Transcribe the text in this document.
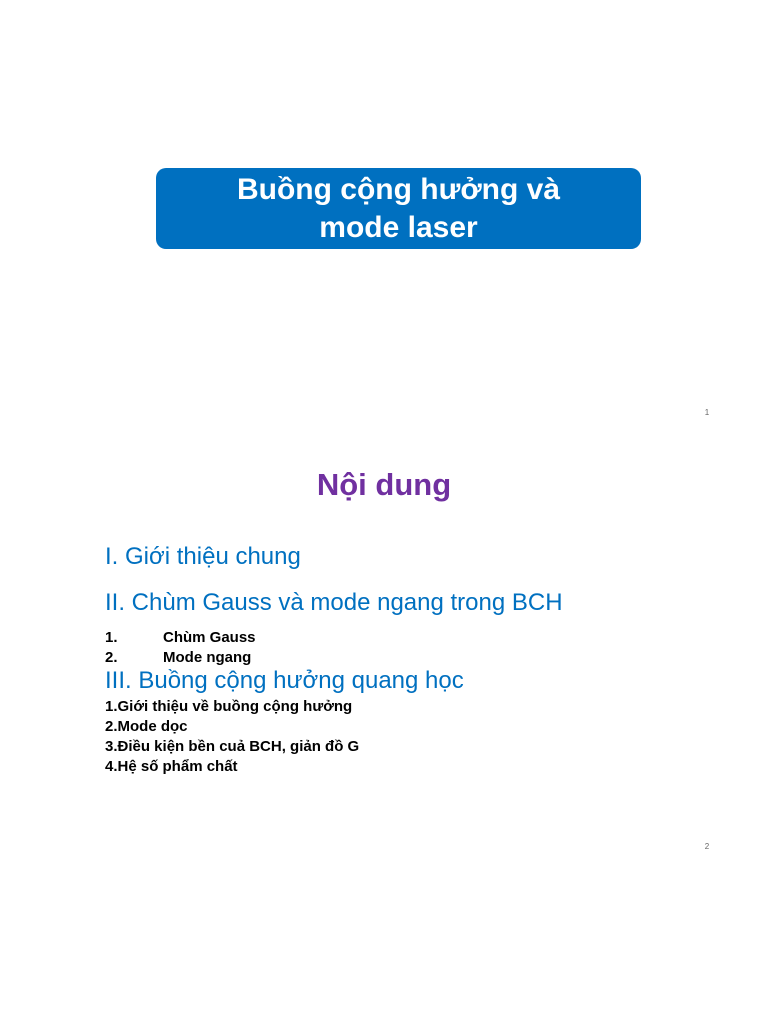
Buồng cộng hưởng và mode laser
1
Nội dung
I. Giới thiệu chung
II. Chùm Gauss và mode ngang trong BCH
1.	Chùm Gauss
2.	Mode ngang
III. Buồng cộng hưởng quang học
1.Giới thiệu về buồng cộng hưởng
2.Mode dọc
3.Điều kiện bền cuả BCH, giản đồ G
4.Hệ số phẩm chất
2
